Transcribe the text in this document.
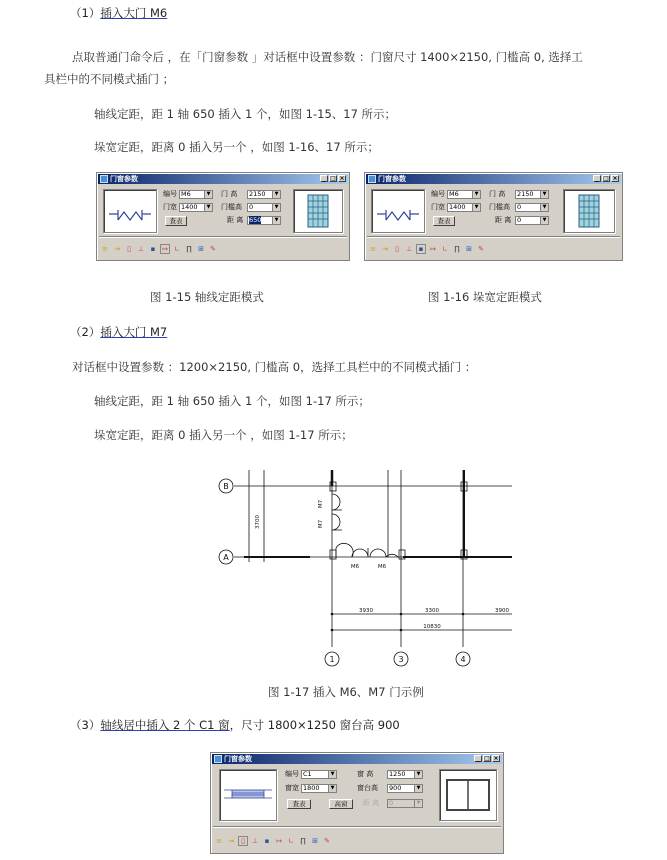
（1）插入大门 M6
点取普通门命令后 ，在「门窗参数 」对话框中设置参数 ：门窗尺寸 1400×2150, 门槛高 0, 选择工
具栏中的不同模式插门 ；
轴线定距，距 1 轴 650 插入 1 个，如图 1-15、17 所示；
垛宽定距，距离 0 插入另一个 ，如图 1-16、17 所示；
门窗参数	_ □ ×
编号 M6	▼
门宽 1400	▼
查表
门 高	2150	▼
门槛高	0	▼
距 离 650	▼
≡ ⇥ ▯ ⊥ ▪ ↦ ∟ ∏ ⊞ ✎
门窗参数	_ □ ×
编号 M6	▼
门宽 1400	▼
查表
门 高	2150	▼
门槛高	0	▼
距 离 0	▼
≡ ⇥ ▯ ⊥ ▪ ↦ ∟ ∏ ⊞ ✎
图 1-15 轴线定距模式	图 1-16 垛宽定距模式
（2）插入大门 M7
对话框中设置参数 ：1200×2150, 门槛高 0，选择工具栏中的不同模式插门 ：
轴线定距，距 1 轴 650 插入 1 个，如图 1-17 所示；
垛宽定距，距离 0 插入另一个 ，如图 1-17 所示；
B
A
1	3	4
3700
M7
M7
M6	M6
3930	3300	3900
10830
图 1-17 插入 M6、M7 门示例
（3）轴线居中插入 2 个 C1 窗，尺寸 1800×1250 窗台高 900
门窗参数	_ □ ×
编号 C1	▼
窗宽 1800	▼
查表	高窗
窗 高	1250	▼
窗台高	900	▼
距 离	0	▼
≡ ⇥ ▯ ⊥ ▪ ↦ ∟ ∏ ⊞ ✎
